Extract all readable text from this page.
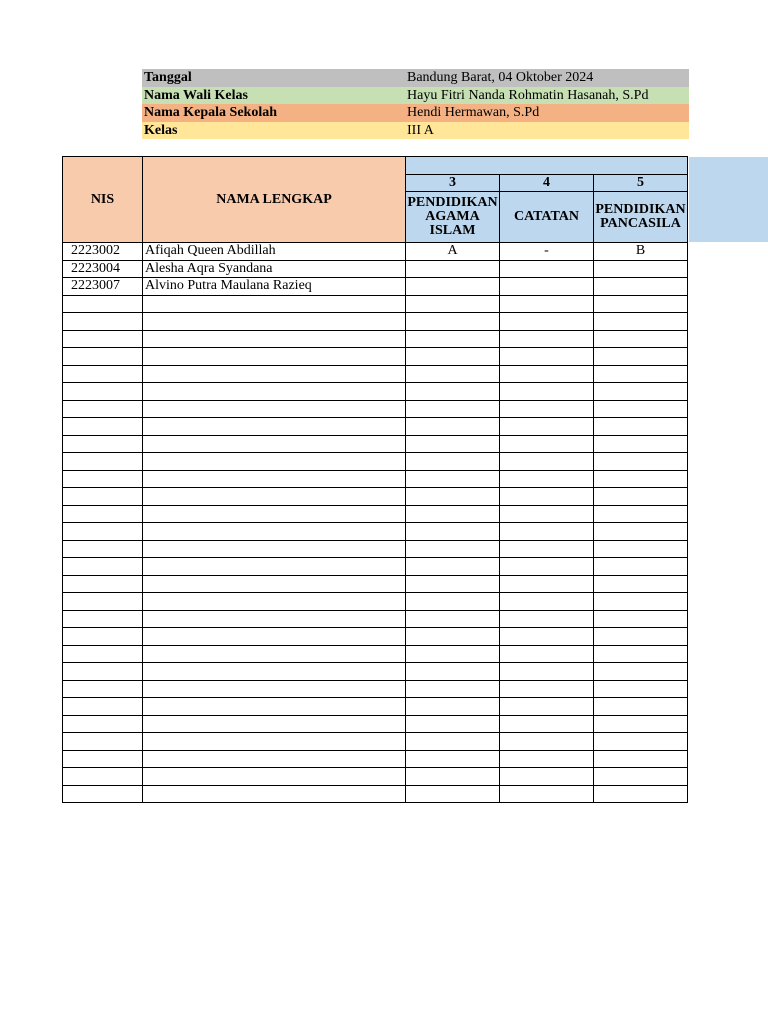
Tanggal	Bandung Barat, 04 Oktober 2024
Nama Wali Kelas	Hayu Fitri Nanda Rohmatin Hasanah, S.Pd
Nama Kepala Sekolah	Hendi Hermawan, S.Pd
Kelas	III A
NIS	NAMA LENGKAP			
		3	4	5
		PENDIDIKAN AGAMA ISLAM	CATATAN	PENDIDIKAN PANCASILA
2223002	Afiqah Queen Abdillah	A	-	B
2223004	Alesha Aqra Syandana			
2223007	Alvino Putra Maulana Razieq			
